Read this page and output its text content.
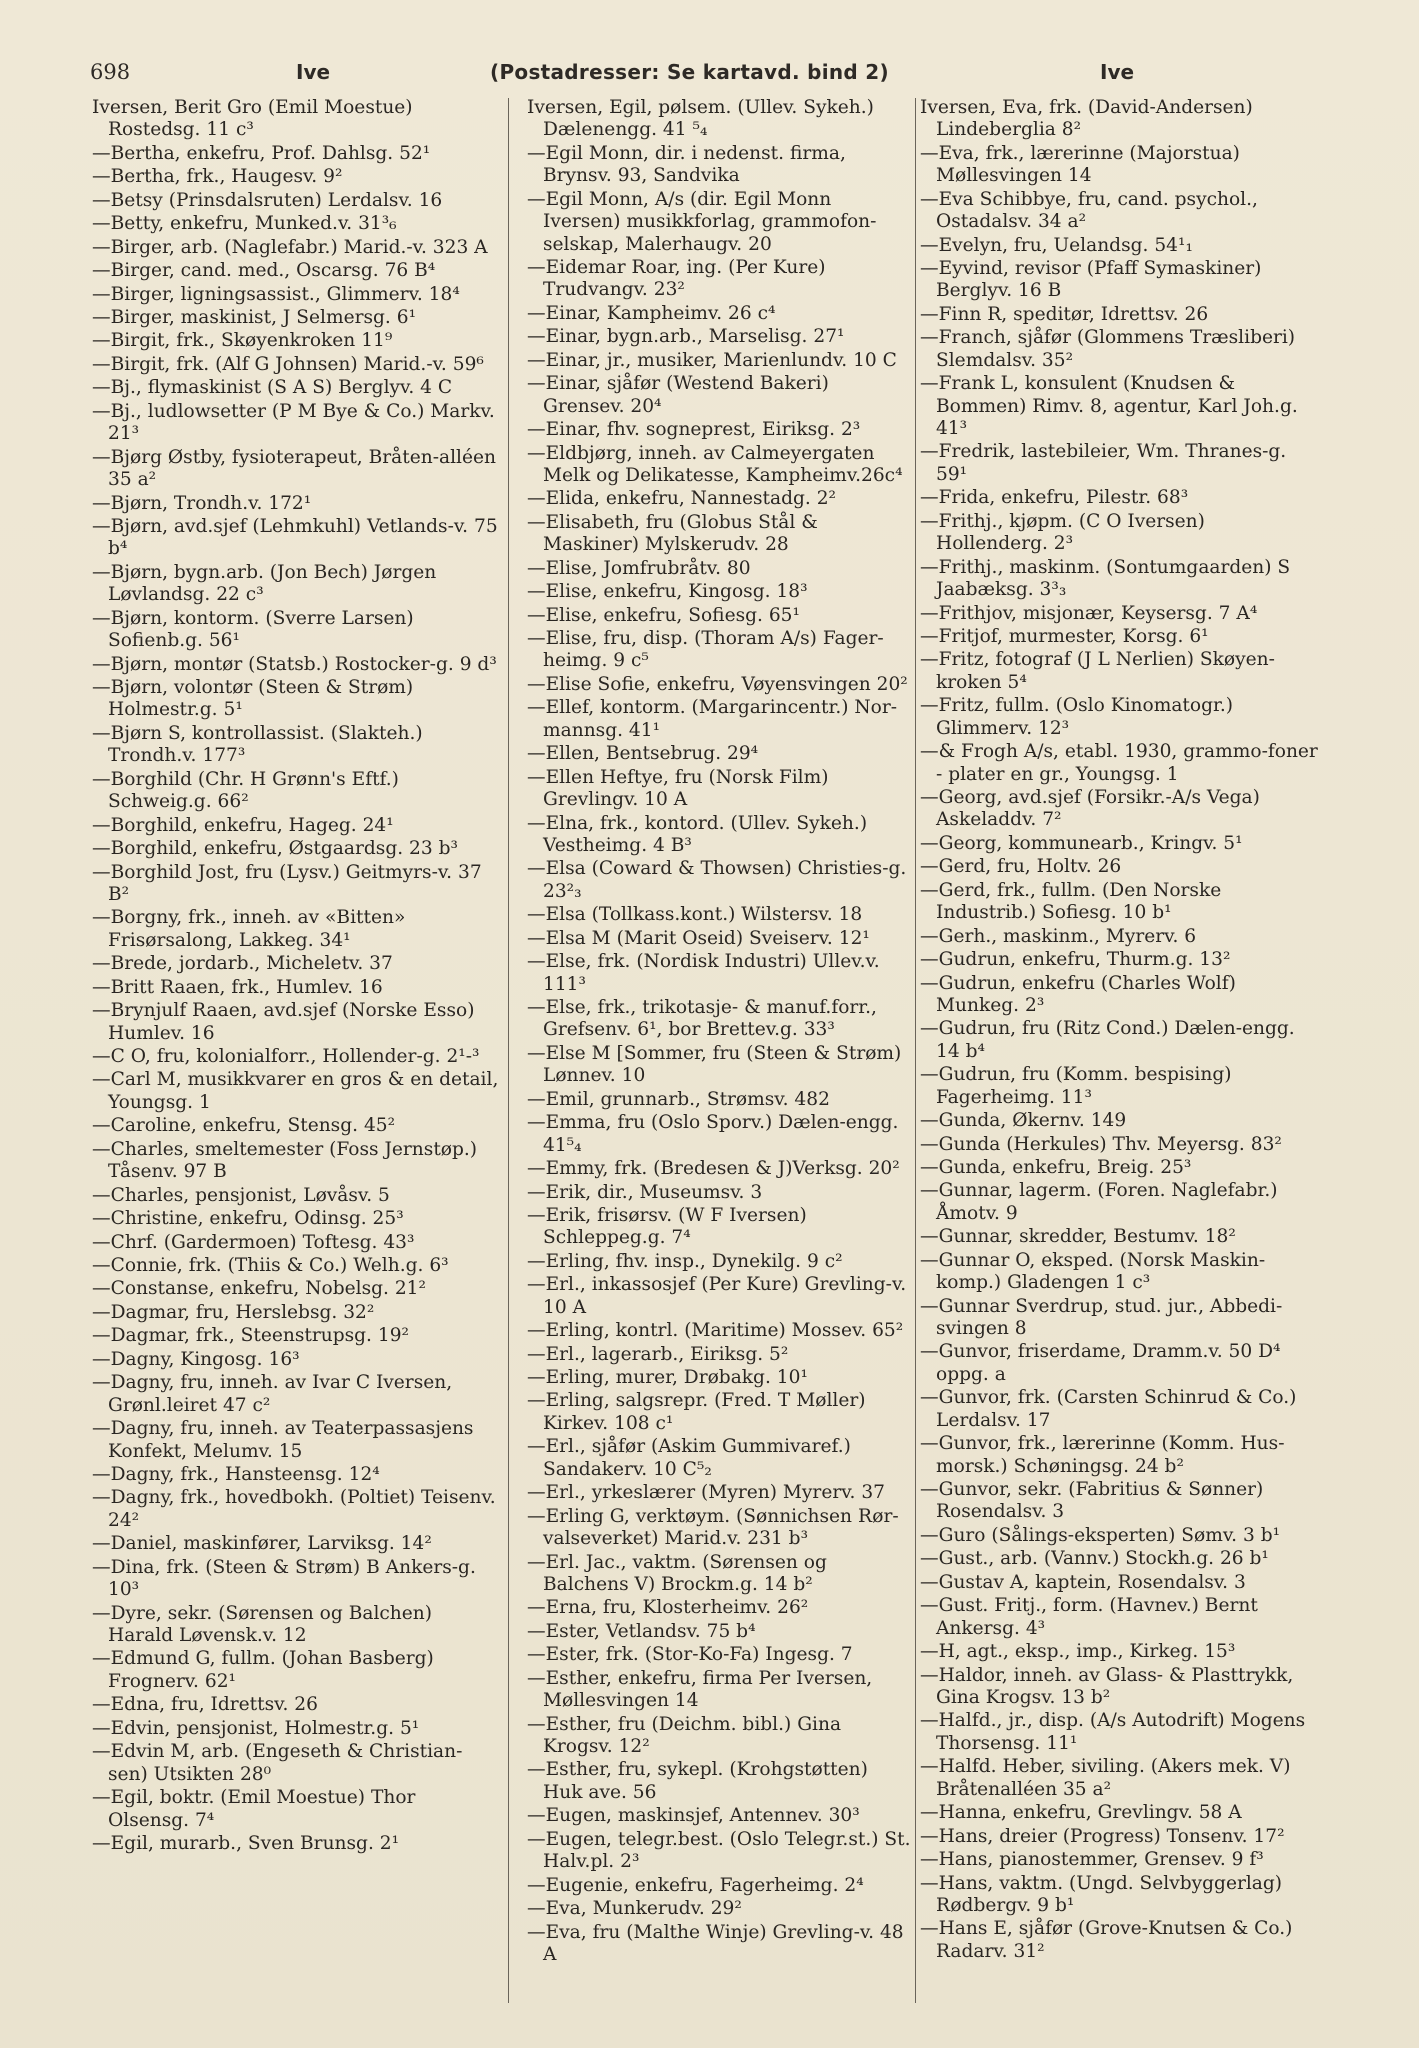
698	Ive	(Postadresser: Se kartavd. bind 2)	Ive
Iversen, Berit Gro (Emil Moestue) Rostedsg. 11 c³
—Bertha, enkefru, Prof. Dahlsg. 52¹
—Bertha, frk., Haugesv. 9²
—Betsy (Prinsdalsruten) Lerdalsv. 16
—Betty, enkefru, Munked.v. 31³₆
—Birger, arb. (Naglefabr.) Marid.-v. 323 A
—Birger, cand. med., Oscarsg. 76 B⁴
—Birger, ligningsassist., Glimmerv. 18⁴
—Birger, maskinist, J Selmersg. 6¹
—Birgit, frk., Skøyenkroken 11⁹
—Birgit, frk. (Alf G Johnsen) Marid.-v. 59⁶
—Bj., flymaskinist (S A S) Berglyv. 4 C
—Bj., ludlowsetter (P M Bye & Co.) Markv. 21³
—Bjørg Østby, fysioterapeut, Bråten-alléen 35 a²
—Bjørn, Trondh.v. 172¹
—Bjørn, avd.sjef (Lehmkuhl) Vetlands-v. 75 b⁴
—Bjørn, bygn.arb. (Jon Bech) Jørgen Løvlandsg. 22 c³
—Bjørn, kontorm. (Sverre Larsen) Sofienb.g. 56¹
—Bjørn, montør (Statsb.) Rostocker-g. 9 d³
—Bjørn, volontør (Steen & Strøm) Holmestr.g. 5¹
—Bjørn S, kontrollassist. (Slakteh.) Trondh.v. 177³
—Borghild (Chr. H Grønn's Eftf.) Schweig.g. 66²
—Borghild, enkefru, Hageg. 24¹
—Borghild, enkefru, Østgaardsg. 23 b³
—Borghild Jost, fru (Lysv.) Geitmyrs-v. 37 B²
—Borgny, frk., inneh. av «Bitten» Frisørsalong, Lakkeg. 34¹
—Brede, jordarb., Micheletv. 37
—Britt Raaen, frk., Humlev. 16
—Brynjulf Raaen, avd.sjef (Norske Esso) Humlev. 16
—C O, fru, kolonialforr., Hollender-g. 2¹-³
—Carl M, musikkvarer en gros & en detail, Youngsg. 1
—Caroline, enkefru, Stensg. 45²
—Charles, smeltemester (Foss Jernstøp.) Tåsenv. 97 B
—Charles, pensjonist, Løvåsv. 5
—Christine, enkefru, Odinsg. 25³
—Chrf. (Gardermoen) Toftesg. 43³
—Connie, frk. (Thiis & Co.) Welh.g. 6³
—Constanse, enkefru, Nobelsg. 21²
—Dagmar, fru, Herslebsg. 32²
—Dagmar, frk., Steenstrupsg. 19²
—Dagny, Kingosg. 16³
—Dagny, fru, inneh. av Ivar C Iversen, Grønl.leiret 47 c²
—Dagny, fru, inneh. av Teaterpassasjens Konfekt, Melumv. 15
—Dagny, frk., Hansteensg. 12⁴
—Dagny, frk., hovedbokh. (Poltiet) Teisenv. 24²
—Daniel, maskinfører, Larviksg. 14²
—Dina, frk. (Steen & Strøm) B Ankers-g. 10³
—Dyre, sekr. (Sørensen og Balchen) Harald Løvensk.v. 12
—Edmund G, fullm. (Johan Basberg) Frognerv. 62¹
—Edna, fru, Idrettsv. 26
—Edvin, pensjonist, Holmestr.g. 5¹
—Edvin M, arb. (Engeseth & Christian-sen) Utsikten 28⁰
—Egil, boktr. (Emil Moestue) Thor Olsensg. 7⁴
—Egil, murarb., Sven Brunsg. 2¹
Iversen, Egil, pølsem. (Ullev. Sykeh.) Dælenengg. 41 ⁵₄
—Egil Monn, dir. i nedenst. firma, Brynsv. 93, Sandvika
—Egil Monn, A/s (dir. Egil Monn Iversen) musikkforlag, grammofon-selskap, Malerhaugv. 20
—Eidemar Roar, ing. (Per Kure) Trudvangv. 23²
—Einar, Kampheimv. 26 c⁴
—Einar, bygn.arb., Marselisg. 27¹
—Einar, jr., musiker, Marienlundv. 10 C
—Einar, sjåfør (Westend Bakeri) Grensev. 20⁴
—Einar, fhv. sogneprest, Eiriksg. 2³
—Eldbjørg, inneh. av Calmeyergaten Melk og Delikatesse, Kampheimv.26c⁴
—Elida, enkefru, Nannestadg. 2²
—Elisabeth, fru (Globus Stål & Maskiner) Mylskerudv. 28
—Elise, Jomfrubråtv. 80
—Elise, enkefru, Kingosg. 18³
—Elise, enkefru, Sofiesg. 65¹
—Elise, fru, disp. (Thoram A/s) Fager-heimg. 9 c⁵
—Elise Sofie, enkefru, Vøyensvingen 20²
—Ellef, kontorm. (Margarincentr.) Nor-mannsg. 41¹
—Ellen, Bentsebrug. 29⁴
—Ellen Heftye, fru (Norsk Film) Grevlingv. 10 A
—Elna, frk., kontord. (Ullev. Sykeh.) Vestheimg. 4 B³
—Elsa (Coward & Thowsen) Christies-g. 23²₃
—Elsa (Tollkass.kont.) Wilstersv. 18
—Elsa M (Marit Oseid) Sveiserv. 12¹
—Else, frk. (Nordisk Industri) Ullev.v. 111³
—Else, frk., trikotasje- & manuf.forr., Grefsenv. 6¹, bor Brettev.g. 33³
—Else M [Sommer, fru (Steen & Strøm) Lønnev. 10
—Emil, grunnarb., Strømsv. 482
—Emma, fru (Oslo Sporv.) Dælen-engg. 41⁵₄
—Emmy, frk. (Bredesen & J)Verksg. 20²
—Erik, dir., Museumsv. 3
—Erik, frisørsv. (W F Iversen) Schleppeg.g. 7⁴
—Erling, fhv. insp., Dynekilg. 9 c²
—Erl., inkassosjef (Per Kure) Grevling-v. 10 A
—Erling, kontrl. (Maritime) Mossev. 65²
—Erl., lagerarb., Eiriksg. 5²
—Erling, murer, Drøbakg. 10¹
—Erling, salgsrepr. (Fred. T Møller) Kirkev. 108 c¹
—Erl., sjåfør (Askim Gummivaref.) Sandakerv. 10 C⁵₂
—Erl., yrkeslærer (Myren) Myrerv. 37
—Erling G, verktøym. (Sønnichsen Rør-valseverket) Marid.v. 231 b³
—Erl. Jac., vaktm. (Sørensen og Balchens V) Brockm.g. 14 b²
—Erna, fru, Klosterheimv. 26²
—Ester, Vetlandsv. 75 b⁴
—Ester, frk. (Stor-Ko-Fa) Ingesg. 7
—Esther, enkefru, firma Per Iversen, Møllesvingen 14
—Esther, fru (Deichm. bibl.) Gina Krogsv. 12²
—Esther, fru, sykepl. (Krohgstøtten) Huk ave. 56
—Eugen, maskinsjef, Antennev. 30³
—Eugen, telegr.best. (Oslo Telegr.st.) St. Halv.pl. 2³
—Eugenie, enkefru, Fagerheimg. 2⁴
—Eva, Munkerudv. 29²
—Eva, fru (Malthe Winje) Grevling-v. 48 A
Iversen, Eva, frk. (David-Andersen) Lindeberglia 8²
—Eva, frk., lærerinne (Majorstua) Møllesvingen 14
—Eva Schibbye, fru, cand. psychol., Ostadalsv. 34 a²
—Evelyn, fru, Uelandsg. 54¹₁
—Eyvind, revisor (Pfaff Symaskiner) Berglyv. 16 B
—Finn R, speditør, Idrettsv. 26
—Franch, sjåfør (Glommens Træsliberi) Slemdalsv. 35²
—Frank L, konsulent (Knudsen & Bommen) Rimv. 8, agentur, Karl Joh.g. 41³
—Fredrik, lastebileier, Wm. Thranes-g. 59¹
—Frida, enkefru, Pilestr. 68³
—Frithj., kjøpm. (C O Iversen) Hollenderg. 2³
—Frithj., maskinm. (Sontumgaarden) S Jaabæksg. 3³₃
—Frithjov, misjonær, Keysersg. 7 A⁴
—Fritjof, murmester, Korsg. 6¹
—Fritz, fotograf (J L Nerlien) Skøyen-kroken 5⁴
—Fritz, fullm. (Oslo Kinomatogr.) Glimmerv. 12³
—& Frogh A/s, etabl. 1930, grammo-foner - plater en gr., Youngsg. 1
—Georg, avd.sjef (Forsikr.-A/s Vega) Askeladdv. 7²
—Georg, kommunearb., Kringv. 5¹
—Gerd, fru, Holtv. 26
—Gerd, frk., fullm. (Den Norske Industrib.) Sofiesg. 10 b¹
—Gerh., maskinm., Myrerv. 6
—Gudrun, enkefru, Thurm.g. 13²
—Gudrun, enkefru (Charles Wolf) Munkeg. 2³
—Gudrun, fru (Ritz Cond.) Dælen-engg. 14 b⁴
—Gudrun, fru (Komm. bespising) Fagerheimg. 11³
—Gunda, Økernv. 149
—Gunda (Herkules) Thv. Meyersg. 83²
—Gunda, enkefru, Breig. 25³
—Gunnar, lagerm. (Foren. Naglefabr.) Åmotv. 9
—Gunnar, skredder, Bestumv. 18²
—Gunnar O, eksped. (Norsk Maskin-komp.) Gladengen 1 c³
—Gunnar Sverdrup, stud. jur., Abbedi-svingen 8
—Gunvor, friserdame, Dramm.v. 50 D⁴ oppg. a
—Gunvor, frk. (Carsten Schinrud & Co.) Lerdalsv. 17
—Gunvor, frk., lærerinne (Komm. Hus-morsk.) Schøningsg. 24 b²
—Gunvor, sekr. (Fabritius & Sønner) Rosendalsv. 3
—Guro (Sålings-eksperten) Sømv. 3 b¹
—Gust., arb. (Vannv.) Stockh.g. 26 b¹
—Gustav A, kaptein, Rosendalsv. 3
—Gust. Fritj., form. (Havnev.) Bernt Ankersg. 4³
—H, agt., eksp., imp., Kirkeg. 15³
—Haldor, inneh. av Glass- & Plasttrykk, Gina Krogsv. 13 b²
—Halfd., jr., disp. (A/s Autodrift) Mogens Thorsensg. 11¹
—Halfd. Heber, siviling. (Akers mek. V) Bråtenalléen 35 a²
—Hanna, enkefru, Grevlingv. 58 A
—Hans, dreier (Progress) Tonsenv. 17²
—Hans, pianostemmer, Grensev. 9 f³
—Hans, vaktm. (Ungd. Selvbyggerlag) Rødbergv. 9 b¹
—Hans E, sjåfør (Grove-Knutsen & Co.) Radarv. 31²
